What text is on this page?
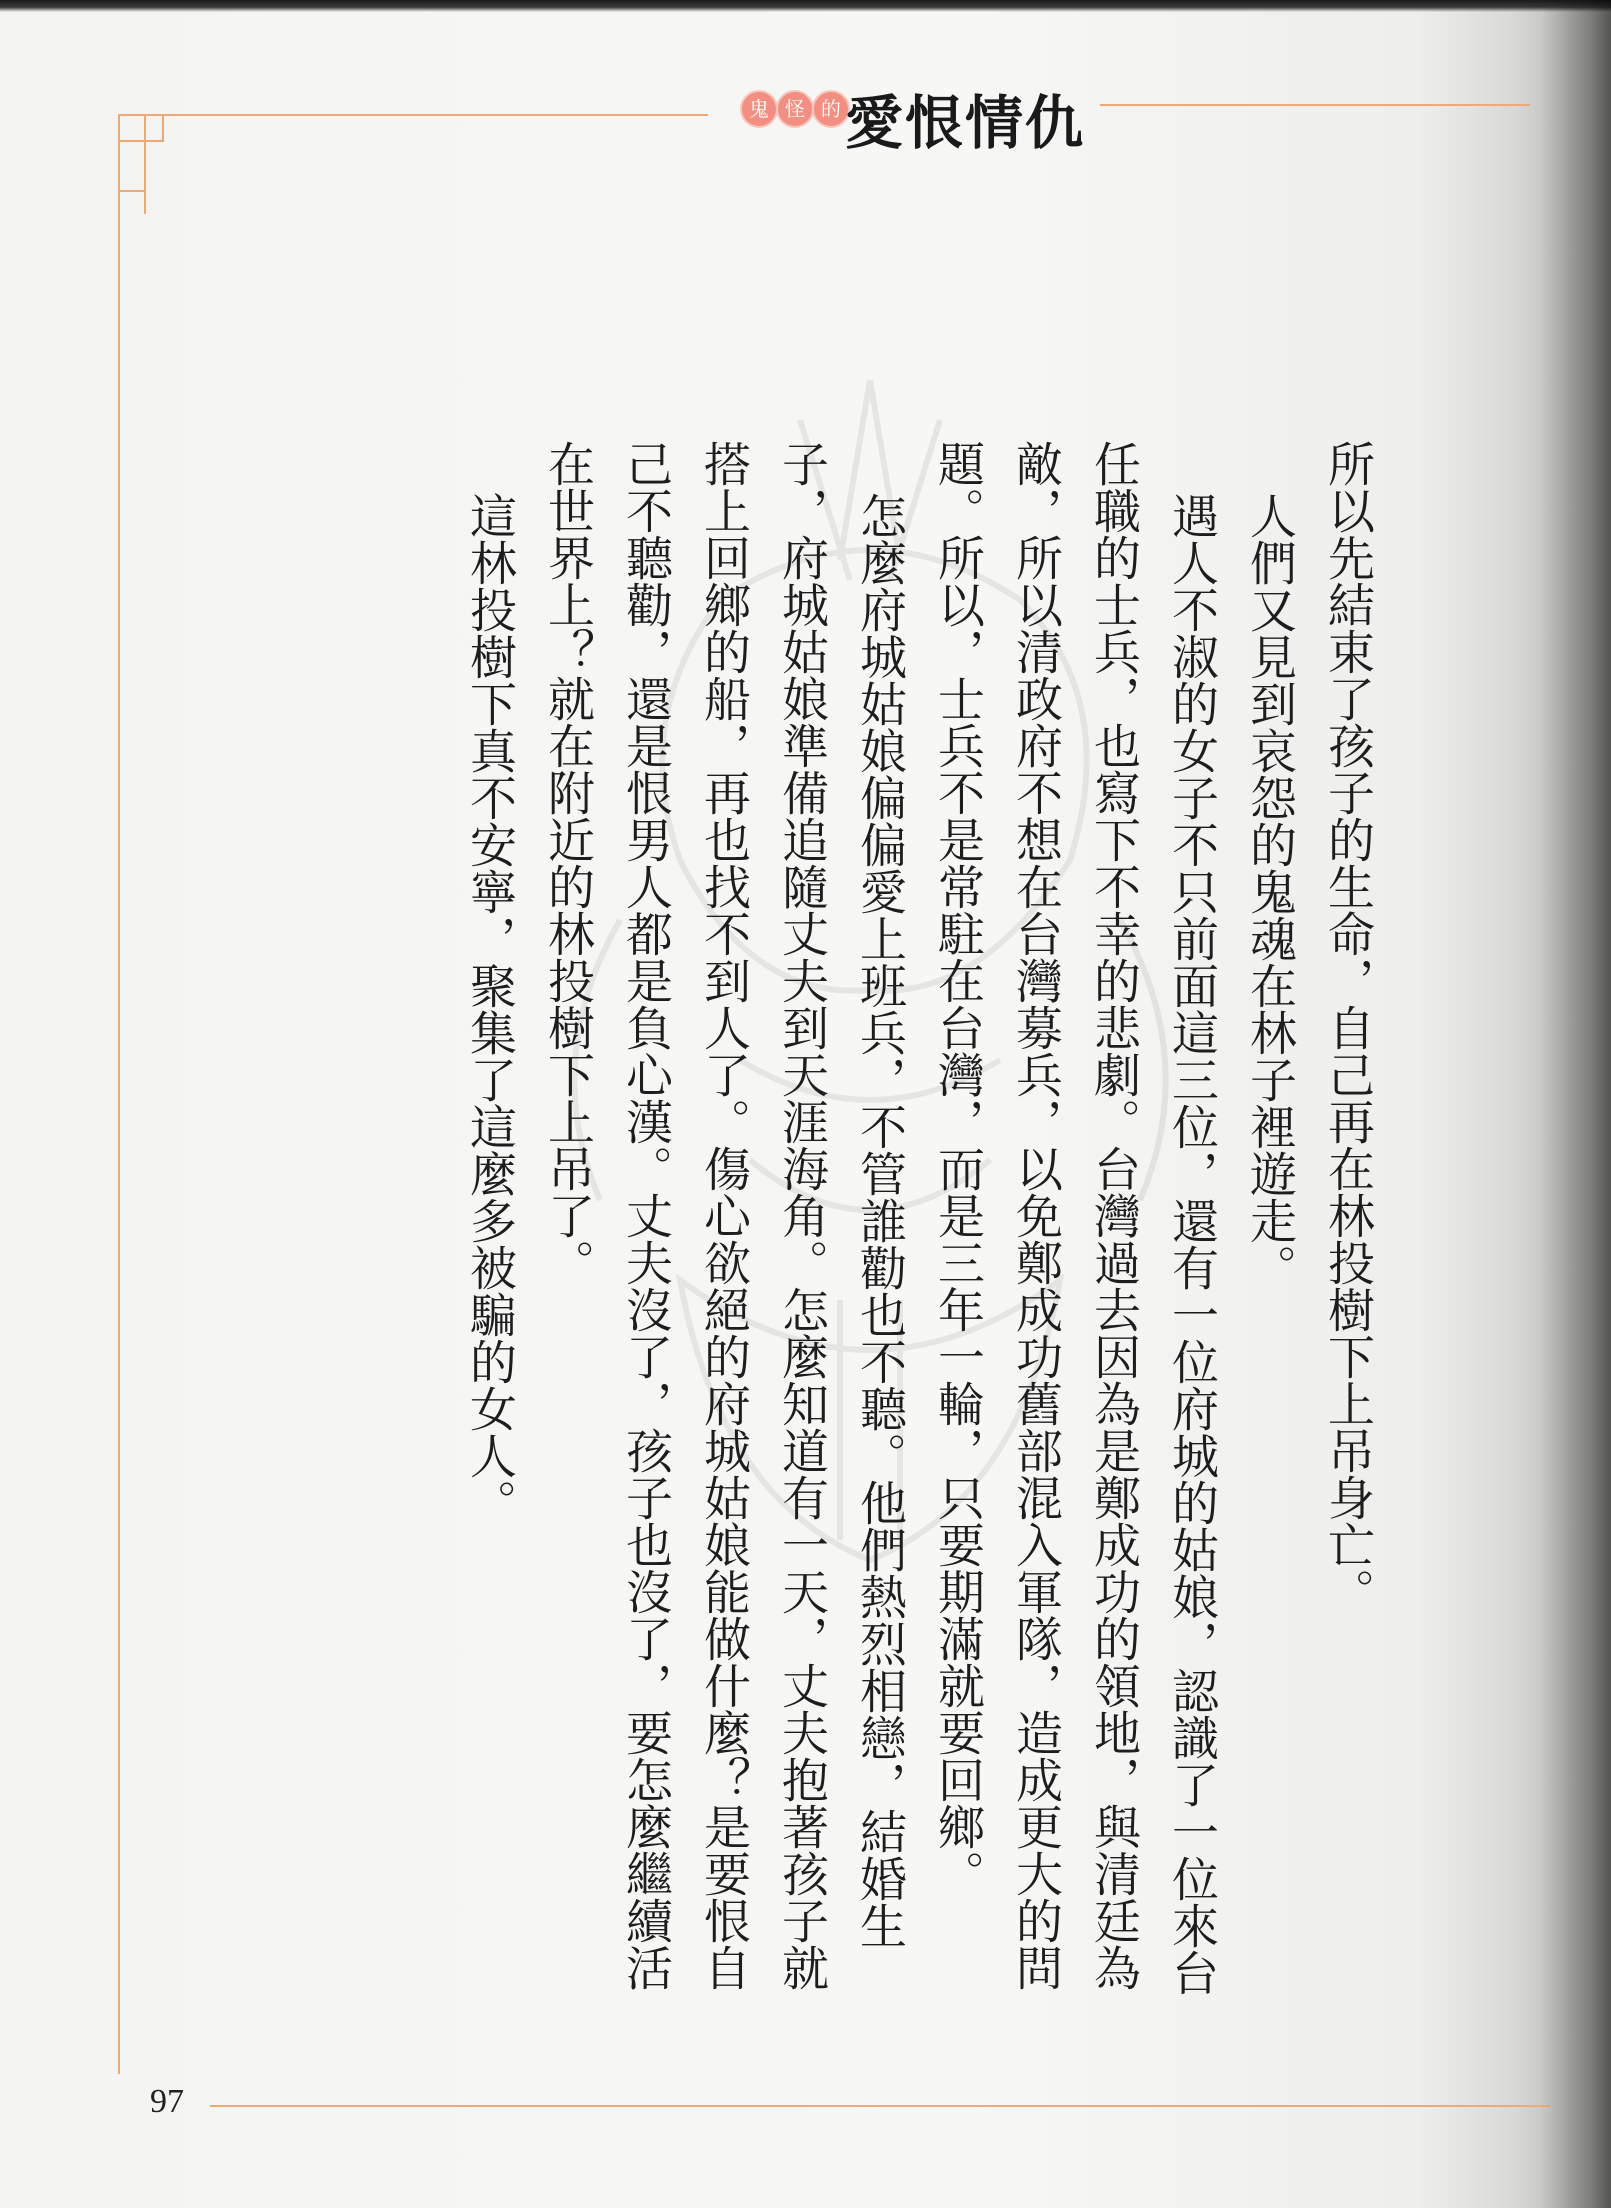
鬼 怪 的 愛恨情仇

所以先結束了孩子的生命，自己再在林投樹下上吊身亡。

人們又見到哀怨的鬼魂在林子裡遊走。

遇人不淑的女子不只前面這三位，還有一位府城的姑娘，認識了一位來台任職的士兵，也寫下不幸的悲劇。台灣過去因為是鄭成功的領地，與清廷為敵，所以清政府不想在台灣募兵，以免鄭成功舊部混入軍隊，造成更大的問題。所以，士兵不是常駐在台灣，而是三年一輪，只要期滿就要回鄉。

怎麼府城姑娘偏偏愛上班兵，不管誰勸也不聽。他們熱烈相戀，結婚生子，府城姑娘準備追隨丈夫到天涯海角。怎麼知道有一天，丈夫抱著孩子就搭上回鄉的船，再也找不到人了。傷心欲絕的府城姑娘能做什麼？是要恨自己不聽勸，還是恨男人都是負心漢。丈夫沒了，孩子也沒了，要怎麼繼續活在世界上？就在附近的林投樹下上吊了。

這林投樹下真不安寧，聚集了這麼多被騙的女人。

97
